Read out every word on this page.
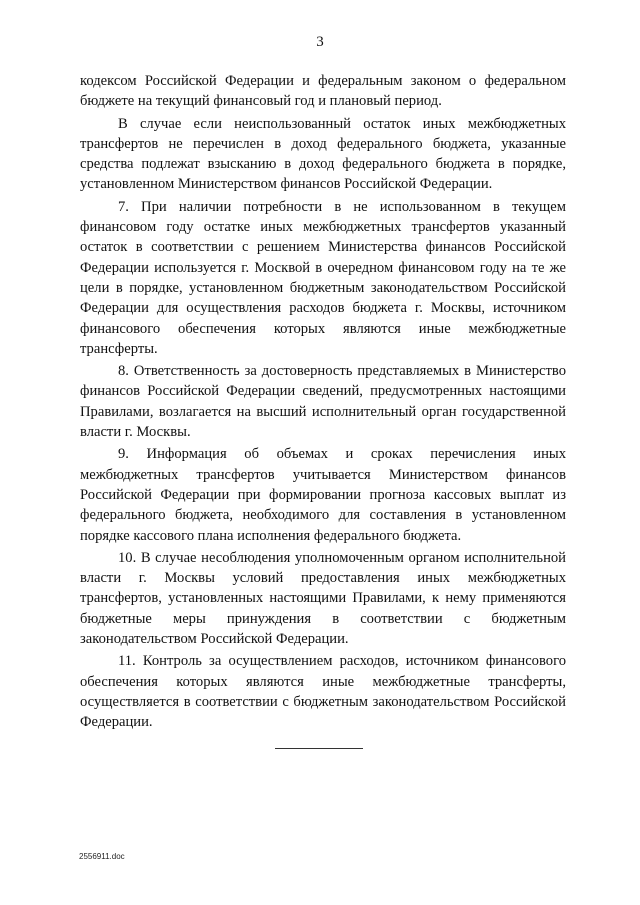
3

кодексом Российской Федерации и федеральным законом о федеральном бюджете на текущий финансовый год и плановый период.

В случае если неиспользованный остаток иных межбюджетных трансфертов не перечислен в доход федерального бюджета, указанные средства подлежат взысканию в доход федерального бюджета в порядке, установленном Министерством финансов Российской Федерации.

7. При наличии потребности в не использованном в текущем финансовом году остатке иных межбюджетных трансфертов указанный остаток в соответствии с решением Министерства финансов Российской Федерации используется г. Москвой в очередном финансовом году на те же цели в порядке, установленном бюджетным законодательством Российской Федерации для осуществления расходов бюджета г. Москвы, источником финансового обеспечения которых являются иные межбюджетные трансферты.

8. Ответственность за достоверность представляемых в Министерство финансов Российской Федерации сведений, предусмотренных настоящими Правилами, возлагается на высший исполнительный орган государственной власти г. Москвы.

9. Информация об объемах и сроках перечисления иных межбюджетных трансфертов учитывается Министерством финансов Российской Федерации при формировании прогноза кассовых выплат из федерального бюджета, необходимого для составления в установленном порядке кассового плана исполнения федерального бюджета.

10. В случае несоблюдения уполномоченным органом исполнительной власти г. Москвы условий предоставления иных межбюджетных трансфертов, установленных настоящими Правилами, к нему применяются бюджетные меры принуждения в соответствии с бюджетным законодательством Российской Федерации.

11. Контроль за осуществлением расходов, источником финансового обеспечения которых являются иные межбюджетные трансферты, осуществляется в соответствии с бюджетным законодательством Российской Федерации.

2556911.doc
